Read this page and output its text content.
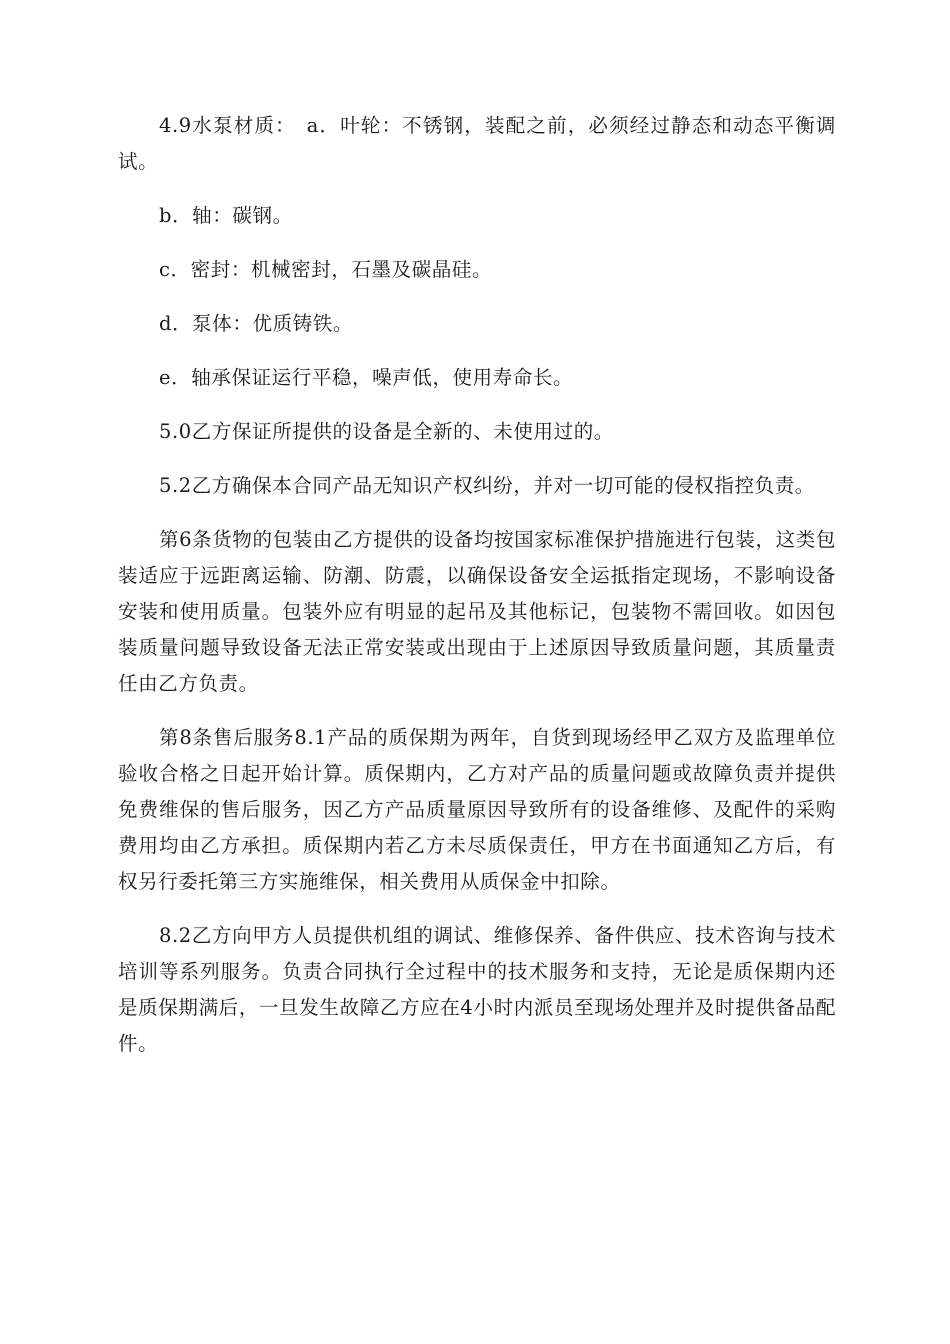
4.9水泵材质：　a．叶轮：不锈钢，装配之前，必须经过静态和动态平衡调试。

b．轴：碳钢。

c．密封：机械密封，石墨及碳晶硅。

d．泵体：优质铸铁。

e．轴承保证运行平稳，噪声低，使用寿命长。

5.0乙方保证所提供的设备是全新的、未使用过的。

5.2乙方确保本合同产品无知识产权纠纷，并对一切可能的侵权指控负责。

第6条货物的包装由乙方提供的设备均按国家标准保护措施进行包装，这类包装适应于远距离运输、防潮、防震，以确保设备安全运抵指定现场，不影响设备安装和使用质量。包装外应有明显的起吊及其他标记，包装物不需回收。如因包装质量问题导致设备无法正常安装或出现由于上述原因导致质量问题，其质量责任由乙方负责。

第8条售后服务8.1产品的质保期为两年，自货到现场经甲乙双方及监理单位验收合格之日起开始计算。质保期内，乙方对产品的质量问题或故障负责并提供免费维保的售后服务，因乙方产品质量原因导致所有的设备维修、及配件的采购费用均由乙方承担。质保期内若乙方未尽质保责任，甲方在书面通知乙方后，有权另行委托第三方实施维保，相关费用从质保金中扣除。

8.2乙方向甲方人员提供机组的调试、维修保养、备件供应、技术咨询与技术培训等系列服务。负责合同执行全过程中的技术服务和支持，无论是质保期内还是质保期满后，一旦发生故障乙方应在4小时内派员至现场处理并及时提供备品配件。
